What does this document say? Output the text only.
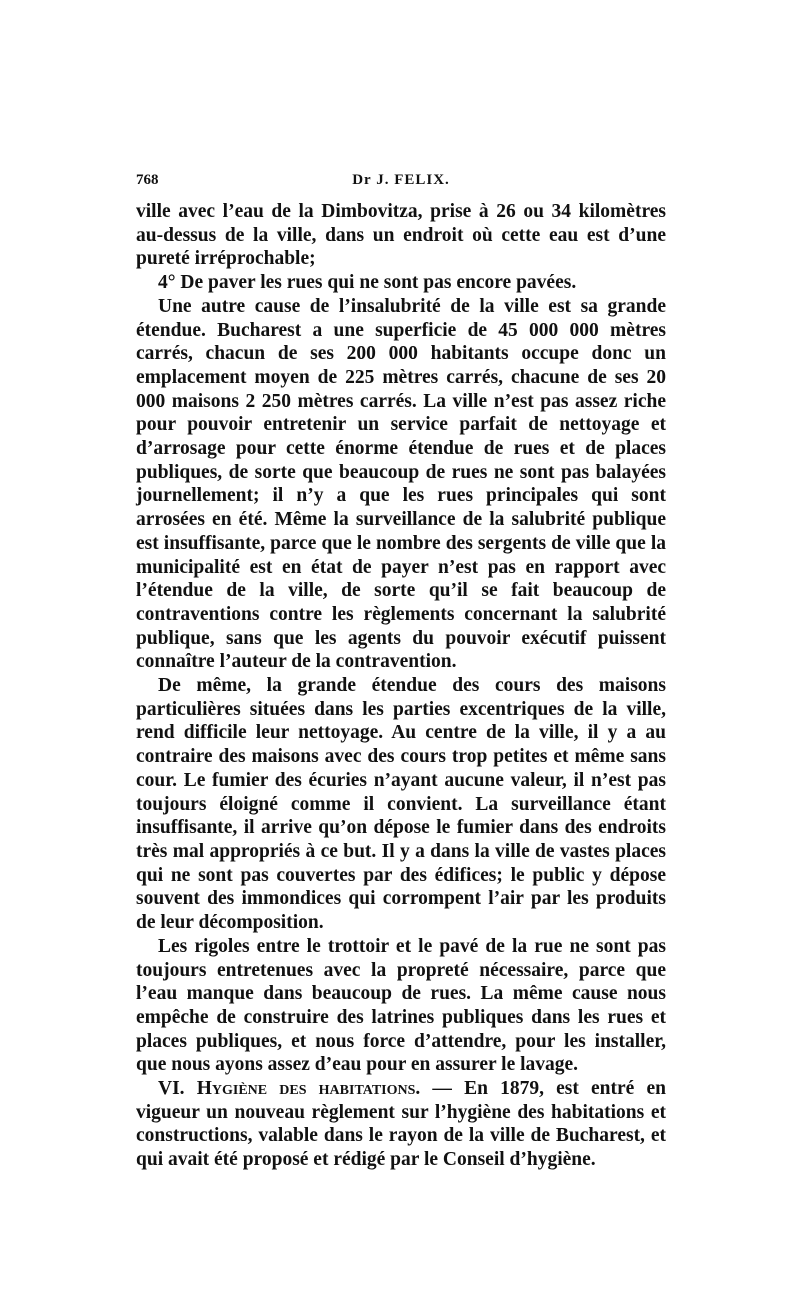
768	Dr J. FELIX.

ville avec l’eau de la Dimbovitza, prise à 26 ou 34 kilomètres au-dessus de la ville, dans un endroit où cette eau est d’une pureté irréprochable;

4° De paver les rues qui ne sont pas encore pavées.

Une autre cause de l’insalubrité de la ville est sa grande étendue. Bucharest a une superficie de 45 000 000 mètres carrés, chacun de ses 200 000 habitants occupe donc un emplacement moyen de 225 mètres carrés, chacune de ses 20 000 maisons 2 250 mètres carrés. La ville n’est pas assez riche pour pouvoir entretenir un service parfait de nettoyage et d’arrosage pour cette énorme étendue de rues et de places publiques, de sorte que beaucoup de rues ne sont pas balayées journellement; il n’y a que les rues principales qui sont arrosées en été. Même la surveillance de la salubrité publique est insuffisante, parce que le nombre des sergents de ville que la municipalité est en état de payer n’est pas en rapport avec l’étendue de la ville, de sorte qu’il se fait beaucoup de contraventions contre les règlements concernant la salubrité publique, sans que les agents du pouvoir exécutif puissent connaître l’auteur de la contravention.

De même, la grande étendue des cours des maisons particulières situées dans les parties excentriques de la ville, rend difficile leur nettoyage. Au centre de la ville, il y a au contraire des maisons avec des cours trop petites et même sans cour. Le fumier des écuries n’ayant aucune valeur, il n’est pas toujours éloigné comme il convient. La surveillance étant insuffisante, il arrive qu’on dépose le fumier dans des endroits très mal appropriés à ce but. Il y a dans la ville de vastes places qui ne sont pas couvertes par des édifices; le public y dépose souvent des immondices qui corrompent l’air par les produits de leur décomposition.

Les rigoles entre le trottoir et le pavé de la rue ne sont pas toujours entretenues avec la propreté nécessaire, parce que l’eau manque dans beaucoup de rues. La même cause nous empêche de construire des latrines publiques dans les rues et places publiques, et nous force d’attendre, pour les installer, que nous ayons assez d’eau pour en assurer le lavage.

VI. Hygiène des habitations. — En 1879, est entré en vigueur un nouveau règlement sur l’hygiène des habitations et constructions, valable dans le rayon de la ville de Bucharest, et qui avait été proposé et rédigé par le Conseil d’hygiène.
